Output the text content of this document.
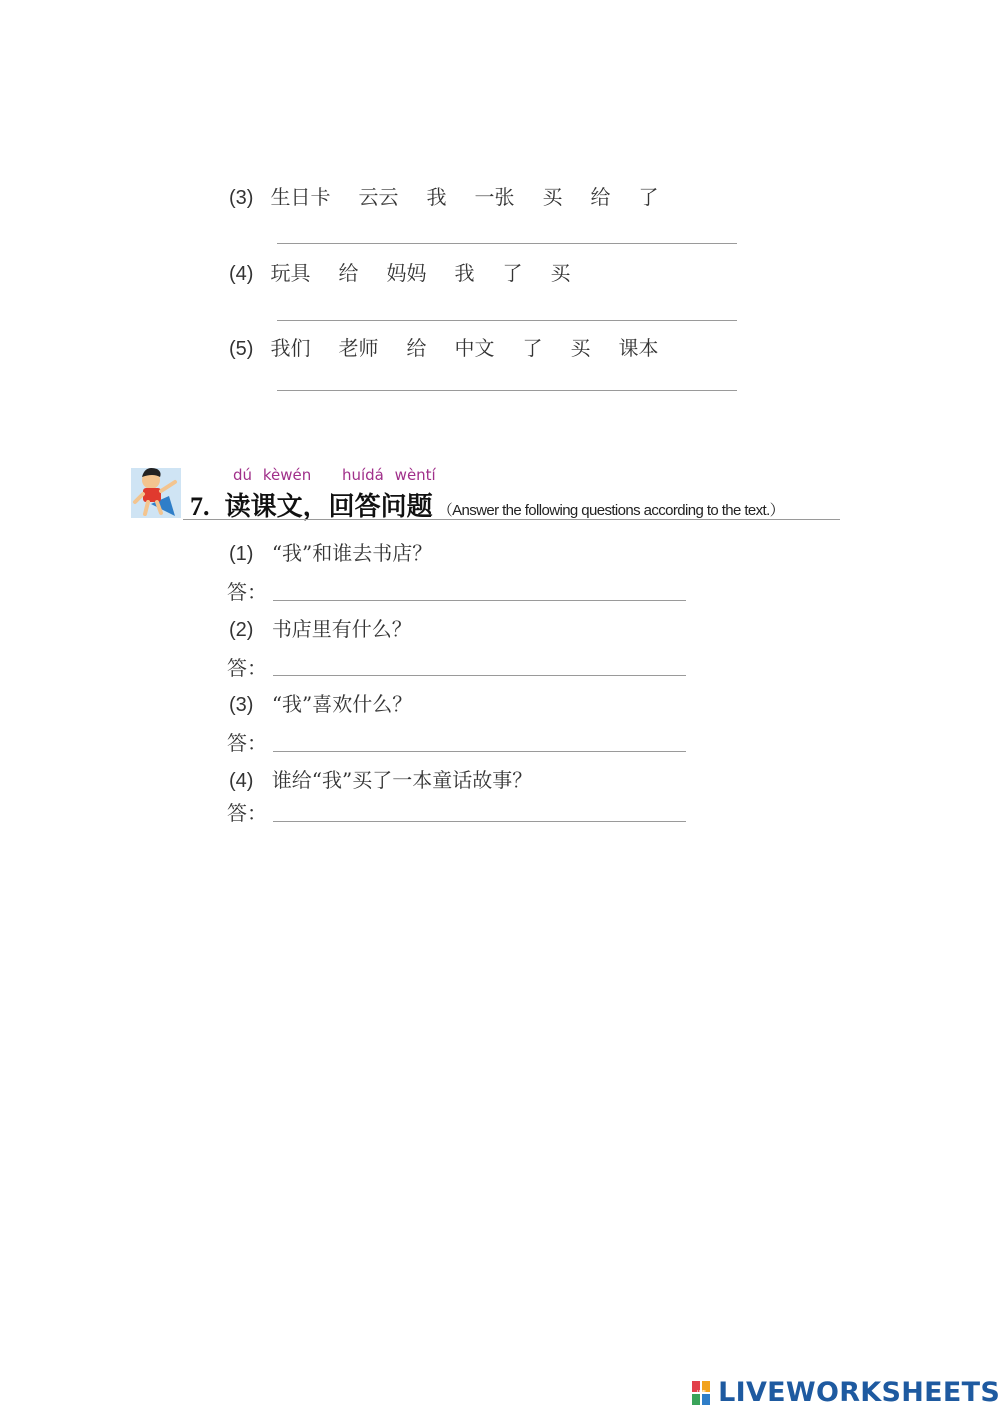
(3) 生日卡 云云 我 一张 买 给 了
(4) 玩具 给 妈妈 我 了 买
(5) 我们 老师 给 中文 了 买 课本
dú kèwén huídá wèntí
7. 读课文，回答问题 （Answer the following questions according to the text.）
(1) “我”和谁去书店？
答：
(2) 书店里有什么？
答：
(3) “我”喜欢什么？
答：
(4) 谁给“我”买了一本童话故事？
答：
LIVE LIVEWORKSHEETS
